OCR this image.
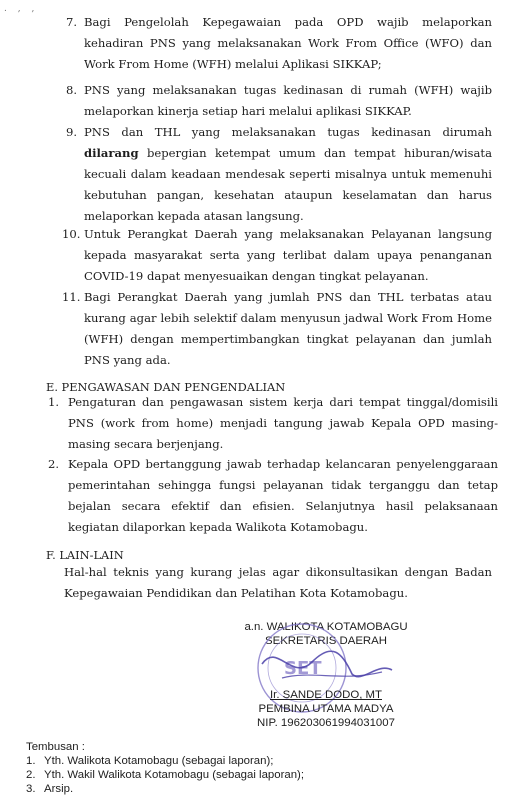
. , ,
7. Bagi Pengelolah Kepegawaian pada OPD wajib melaporkan kehadiran PNS yang melaksanakan Work From Office (WFO) dan Work From Home (WFH) melalui Aplikasi SIKKAP;
8. PNS yang melaksanakan tugas kedinasan di rumah (WFH) wajib melaporkan kinerja setiap hari melalui aplikasi SIKKAP.
9. PNS dan THL yang melaksanakan tugas kedinasan dirumah dilarang bepergian ketempat umum dan tempat hiburan/wisata kecuali dalam keadaan mendesak seperti misalnya untuk memenuhi kebutuhan pangan, kesehatan ataupun keselamatan dan harus melaporkan kepada atasan langsung.
10. Untuk Perangkat Daerah yang melaksanakan Pelayanan langsung kepada masyarakat serta yang terlibat dalam upaya penanganan COVID-19 dapat menyesuaikan dengan tingkat pelayanan.
11. Bagi Perangkat Daerah yang jumlah PNS dan THL terbatas atau kurang agar lebih selektif dalam menyusun jadwal Work From Home (WFH) dengan mempertimbangkan tingkat pelayanan dan jumlah PNS yang ada.
E. PENGAWASAN DAN PENGENDALIAN
1. Pengaturan dan pengawasan sistem kerja dari tempat tinggal/domisili PNS (work from home) menjadi tangung jawab Kepala OPD masing-masing secara berjenjang.
2. Kepala OPD bertanggung jawab terhadap kelancaran penyelenggaraan pemerintahan sehingga fungsi pelayanan tidak terganggu dan tetap bejalan secara efektif dan efisien. Selanjutnya hasil pelaksanaan kegiatan dilaporkan kepada Walikota Kotamobagu.
F. LAIN-LAIN
Hal-hal teknis yang kurang jelas agar dikonsultasikan dengan Badan Kepegawaian Pendidikan dan Pelatihan Kota Kotamobagu.
a.n. WALIKOTA KOTAMOBAGU
SEKRETARIS DAERAH
SET
Ir. SANDE DODO, MT
PEMBINA UTAMA MADYA
NIP. 196203061994031007
Tembusan :
1. Yth. Walikota Kotamobagu (sebagai laporan);
2. Yth. Wakil Walikota Kotamobagu (sebagai laporan);
3. Arsip.
